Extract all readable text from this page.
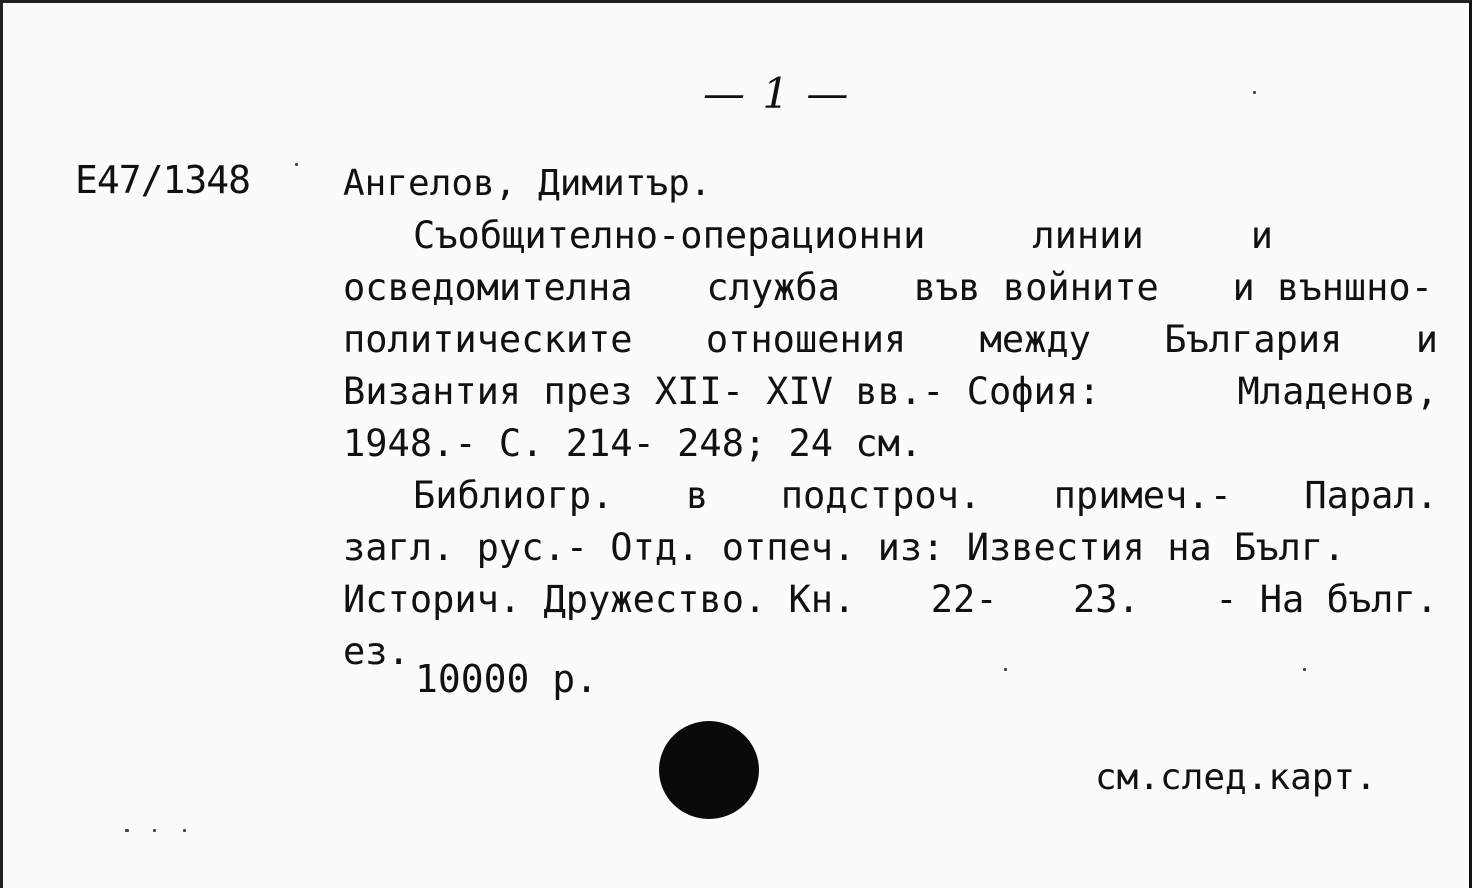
— 1 —
Е47/1348	Ангелов, Димитър.
Съобщително-операционни	линии	и
осведомителна служба във войните и външно-
политическите отношения между България и
Византия през XII- XIV вв.- София:	Младенов,
1948.- С. 214- 248; 24 см.
Библиогр. в подстроч. примеч.- Парал.
загл. рус.- Отд. отпеч. из: Известия на Бълг.
Историч. Дружество. Кн. 22- 23. - На бълг.
ез.
10000 р.
см.след.карт.
